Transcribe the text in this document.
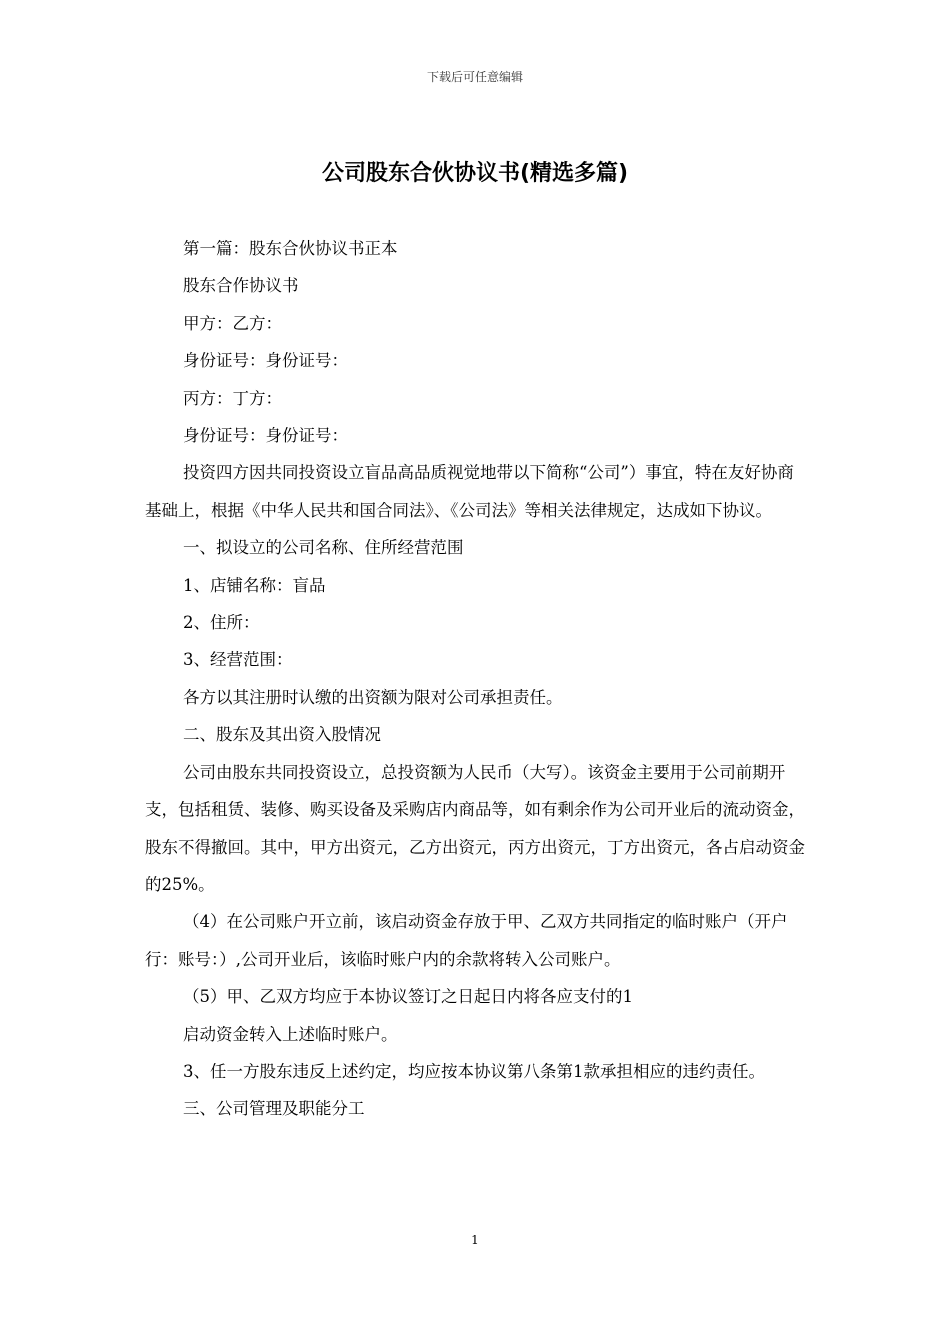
下载后可任意编辑
公司股东合伙协议书(精选多篇)

第一篇：股东合伙协议书正本

股东合作协议书

甲方：乙方：

身份证号：身份证号：

丙方：丁方：

身份证号：身份证号：

投资四方因共同投资设立盲品高品质视觉地带以下简称“公司”）事宜，特在友好协商基础上，根据《中华人民共和国合同法》、《公司法》等相关法律规定，达成如下协议。

一、拟设立的公司名称、住所经营范围

1、店铺名称：盲品

2、住所：

3、经营范围：

各方以其注册时认缴的出资额为限对公司承担责任。

二、股东及其出资入股情况

公司由股东共同投资设立，总投资额为人民币（大写）。该资金主要用于公司前期开支，包括租赁、装修、购买设备及采购店内商品等，如有剩余作为公司开业后的流动资金，股东不得撤回。其中，甲方出资元，乙方出资元，丙方出资元，丁方出资元，各占启动资金的25%。

（4）在公司账户开立前，该启动资金存放于甲、乙双方共同指定的临时账户（开户行：账号：）,公司开业后，该临时账户内的余款将转入公司账户。

（5）甲、乙双方均应于本协议签订之日起日内将各应支付的1

启动资金转入上述临时账户。

3、任一方股东违反上述约定，均应按本协议第八条第1款承担相应的违约责任。

三、公司管理及职能分工

1
